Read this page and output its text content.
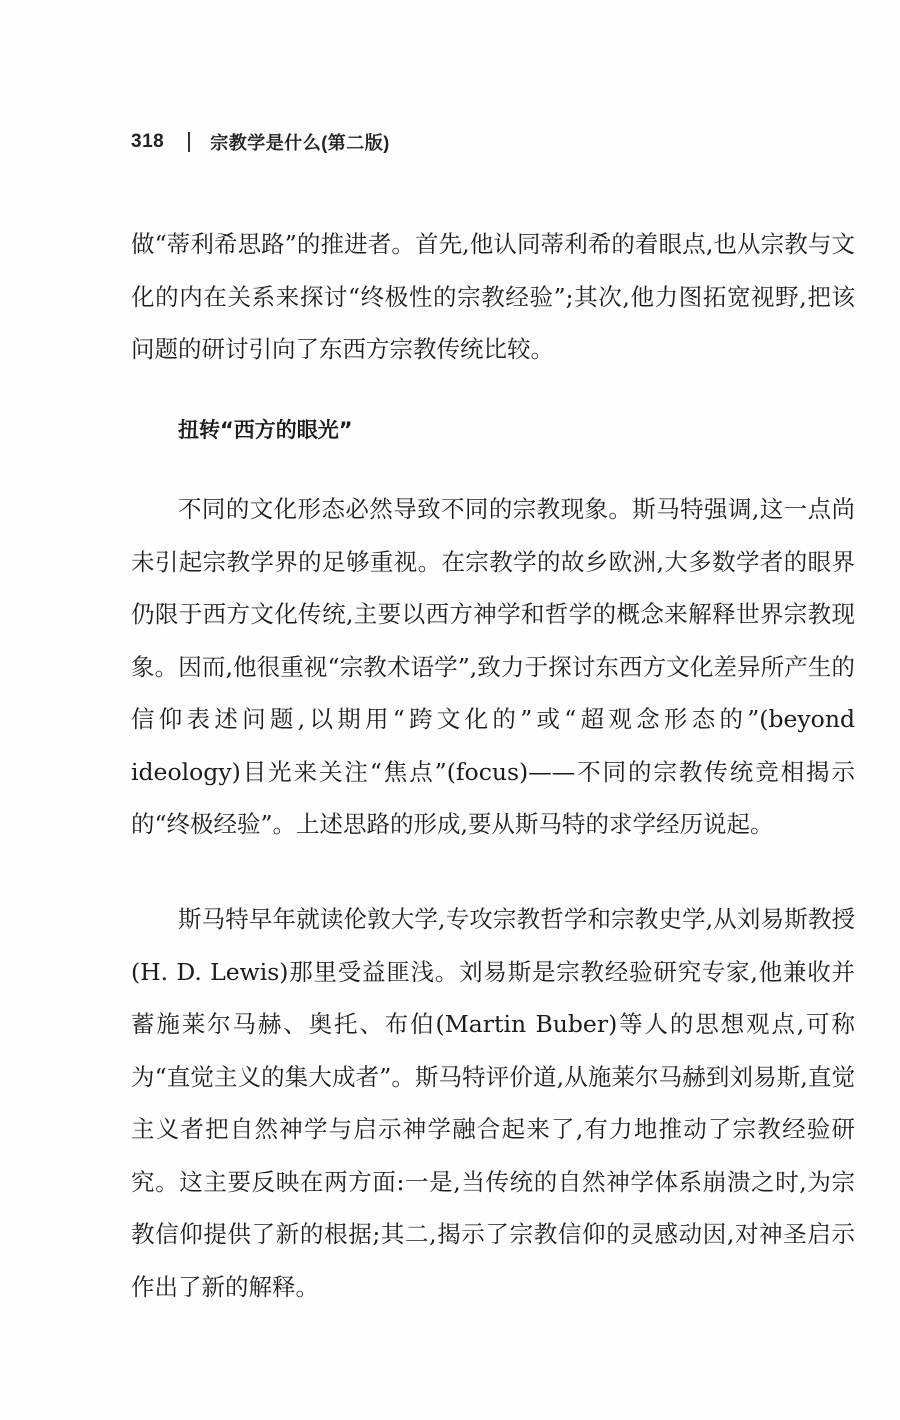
318	宗教学是什么(第二版)

做“蒂利希思路”的推进者。首先,他认同蒂利希的着眼点,也从宗教与文化的内在关系来探讨“终极性的宗教经验”;其次,他力图拓宽视野,把该问题的研讨引向了东西方宗教传统比较。

扭转“西方的眼光”

不同的文化形态必然导致不同的宗教现象。斯马特强调,这一点尚未引起宗教学界的足够重视。在宗教学的故乡欧洲,大多数学者的眼界仍限于西方文化传统,主要以西方神学和哲学的概念来解释世界宗教现象。因而,他很重视“宗教术语学”,致力于探讨东西方文化差异所产生的信仰表述问题,以期用“跨文化的”或“超观念形态的”(beyond ideology)目光来关注“焦点”(focus)——不同的宗教传统竞相揭示的“终极经验”。上述思路的形成,要从斯马特的求学经历说起。

斯马特早年就读伦敦大学,专攻宗教哲学和宗教史学,从刘易斯教授(H. D. Lewis)那里受益匪浅。刘易斯是宗教经验研究专家,他兼收并蓄施莱尔马赫、奥托、布伯(Martin Buber)等人的思想观点,可称为“直觉主义的集大成者”。斯马特评价道,从施莱尔马赫到刘易斯,直觉主义者把自然神学与启示神学融合起来了,有力地推动了宗教经验研究。这主要反映在两方面:一是,当传统的自然神学体系崩溃之时,为宗教信仰提供了新的根据;其二,揭示了宗教信仰的灵感动因,对神圣启示作出了新的解释。
